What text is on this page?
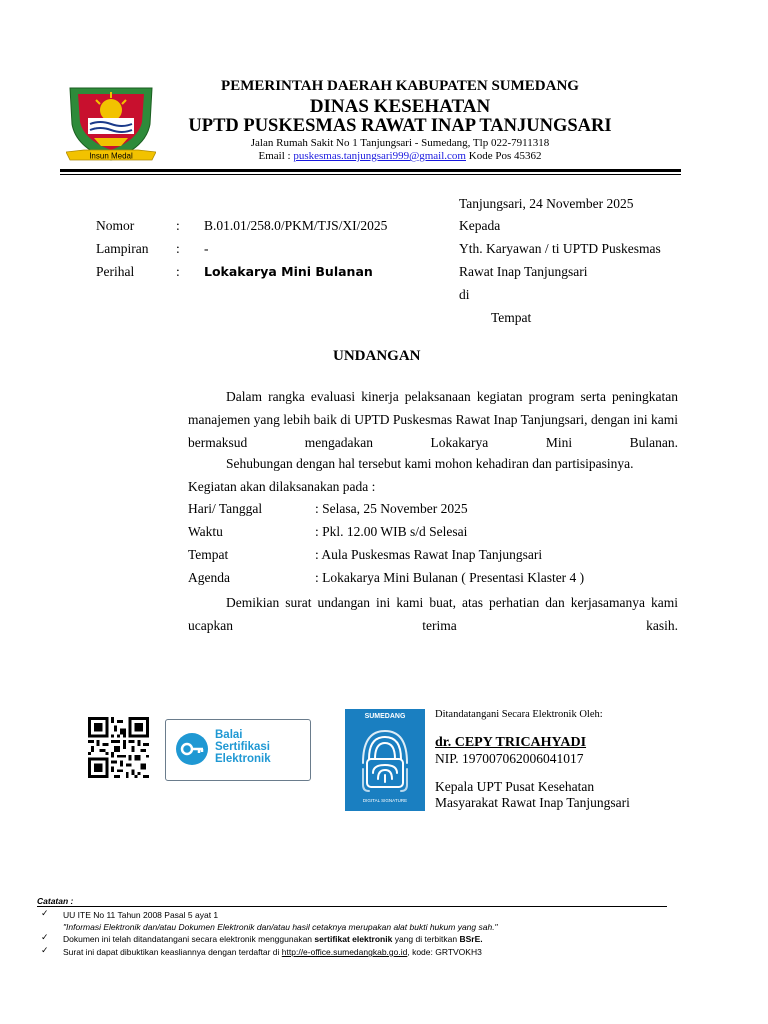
Insun Medal
PEMERINTAH DAERAH KABUPATEN SUMEDANG
DINAS KESEHATAN
UPTD PUSKESMAS RAWAT INAP TANJUNGSARI
Jalan Rumah Sakit No 1 Tanjungsari - Sumedang, Tlp 022-7911318
Email : puskesmas.tanjungsari999@gmail.com Kode Pos 45362
Tanjungsari, 24 November 2025
Kepada
Yth. Karyawan / ti UPTD Puskesmas
Rawat Inap Tanjungsari
di
Tempat
Nomor	: B.01.01/258.0/PKM/TJS/XI/2025
Lampiran : -
Perihal	: Lokakarya Mini Bulanan
UNDANGAN
Dalam rangka evaluasi kinerja pelaksanaan kegiatan program serta peningkatan manajemen yang lebih baik di UPTD Puskesmas Rawat Inap Tanjungsari, dengan ini kami bermaksud mengadakan Lokakarya Mini Bulanan.
Sehubungan dengan hal tersebut kami mohon kehadiran dan partisipasinya.
Kegiatan akan dilaksanakan pada :
Hari/ Tanggal	: Selasa, 25 November 2025
Waktu	: Pkl. 12.00 WIB s/d Selesai
Tempat	: Aula Puskesmas Rawat Inap Tanjungsari
Agenda	: Lokakarya Mini Bulanan ( Presentasi Klaster 4 )
Demikian surat undangan ini kami buat, atas perhatian dan kerjasamanya kami ucapkan terima kasih.
Balai
Sertifikasi
Elektronik
SUMEDANG
DIGITAL SIGNATURE
Ditandatangani Secara Elektronik Oleh:
dr. CEPY TRICAHYADI
NIP. 197007062006041017
Kepala UPT Pusat Kesehatan
Masyarakat Rawat Inap Tanjungsari
Catatan :
✓ UU ITE No 11 Tahun 2008 Pasal 5 ayat 1
"Informasi Elektronik dan/atau Dokumen Elektronik dan/atau hasil cetaknya merupakan alat bukti hukum yang sah."
✓ Dokumen ini telah ditandatangani secara elektronik menggunakan sertifikat elektronik yang di terbitkan BSrE.
✓ Surat ini dapat dibuktikan keasliannya dengan terdaftar di http://e-office.sumedangkab.go.id, kode: GRTVOKH3
